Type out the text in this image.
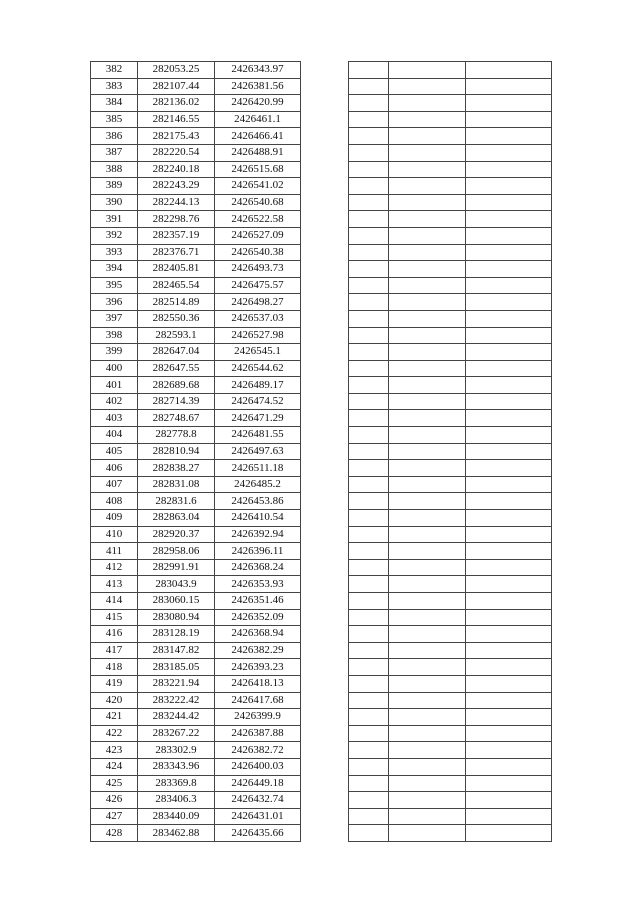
382	282053.25	2426343.97
383	282107.44	2426381.56
384	282136.02	2426420.99
385	282146.55	2426461.1
386	282175.43	2426466.41
387	282220.54	2426488.91
388	282240.18	2426515.68
389	282243.29	2426541.02
390	282244.13	2426540.68
391	282298.76	2426522.58
392	282357.19	2426527.09
393	282376.71	2426540.38
394	282405.81	2426493.73
395	282465.54	2426475.57
396	282514.89	2426498.27
397	282550.36	2426537.03
398	282593.1	2426527.98
399	282647.04	2426545.1
400	282647.55	2426544.62
401	282689.68	2426489.17
402	282714.39	2426474.52
403	282748.67	2426471.29
404	282778.8	2426481.55
405	282810.94	2426497.63
406	282838.27	2426511.18
407	282831.08	2426485.2
408	282831.6	2426453.86
409	282863.04	2426410.54
410	282920.37	2426392.94
411	282958.06	2426396.11
412	282991.91	2426368.24
413	283043.9	2426353.93
414	283060.15	2426351.46
415	283080.94	2426352.09
416	283128.19	2426368.94
417	283147.82	2426382.29
418	283185.05	2426393.23
419	283221.94	2426418.13
420	283222.42	2426417.68
421	283244.42	2426399.9
422	283267.22	2426387.88
423	283302.9	2426382.72
424	283343.96	2426400.03
425	283369.8	2426449.18
426	283406.3	2426432.74
427	283440.09	2426431.01
428	283462.88	2426435.66
